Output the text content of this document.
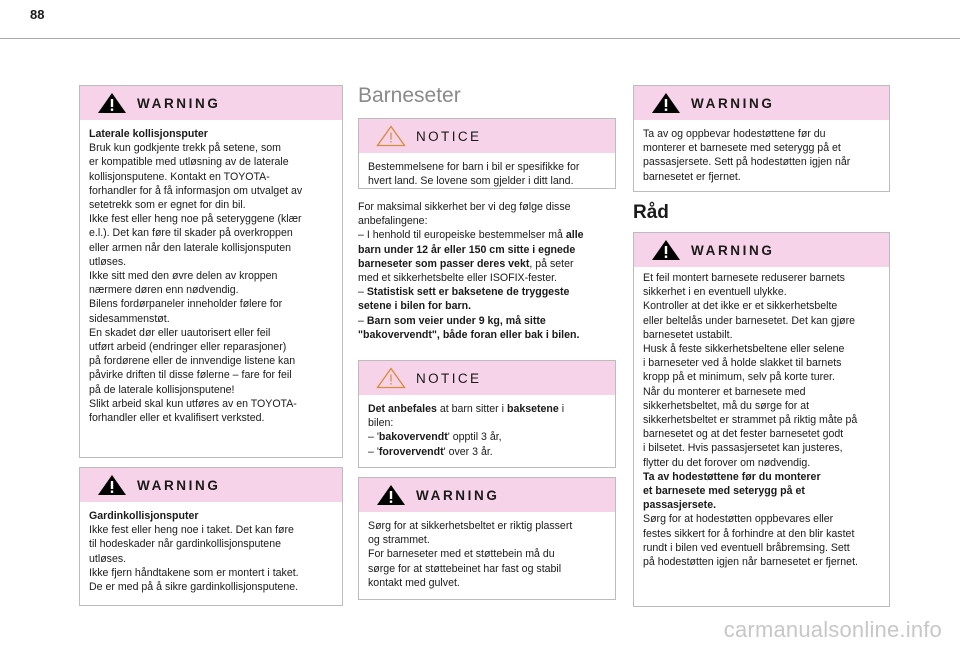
88
WARNING

Laterale kollisjonsputer

Bruk kun godkjente trekk på setene, som

er kompatible med utløsning av de laterale

kollisjonsputene. Kontakt en TOYOTA-

forhandler for å få informasjon om utvalget av

setetrekk som er egnet for din bil.

Ikke fest eller heng noe på seteryggene (klær

e.l.). Det kan føre til skader på overkroppen

eller armen når den laterale kollisjonsputen

utløses.

Ikke sitt med den øvre delen av kroppen

nærmere døren enn nødvendig.

Bilens fordørpaneler inneholder følere for

sidesammenstøt.

En skadet dør eller uautorisert eller feil

utført arbeid (endringer eller reparasjoner)

på fordørene eller de innvendige listene kan

påvirke driften til disse følerne – fare for feil

på de laterale kollisjonsputene!

Slikt arbeid skal kun utføres av en TOYOTA-

forhandler eller et kvalifisert verksted.

WARNING

Gardinkollisjonsputer

Ikke fest eller heng noe i taket. Det kan føre

til hodeskader når gardinkollisjonsputene

utløses.

Ikke fjern håndtakene som er montert i taket.

De er med på å sikre gardinkollisjonsputene.

Barneseter
NOTICE

Bestemmelsene for barn i bil er spesifikke for

hvert land. Se lovene som gjelder i ditt land.

For maksimal sikkerhet ber vi deg følge disse

anbefalingene:

– I henhold til europeiske bestemmelser må alle

barn under 12 år eller 150 cm sitte i egnede

barneseter som passer deres vekt, på seter

med et sikkerhetsbelte eller ISOFIX-fester.

– Statistisk sett er baksetene de tryggeste

setene i bilen for barn.

– Barn som veier under 9 kg, må sitte

"bakovervendt", både foran eller bak i bilen.

NOTICE

Det anbefales at barn sitter i baksetene i

bilen:

– 'bakovervendt' opptil 3 år,

– 'forovervendt' over 3 år.

WARNING

Sørg for at sikkerhetsbeltet er riktig plassert

og strammet.

For barneseter med et støttebein må du

sørge for at støttebeinet har fast og stabil

kontakt med gulvet.

WARNING

Ta av og oppbevar hodestøttene før du

monterer et barnesete med seterygg på et

passasjersete. Sett på hodestøtten igjen når

barnesetet er fjernet.

Råd
WARNING

Et feil montert barnesete reduserer barnets

sikkerhet i en eventuell ulykke.

Kontroller at det ikke er et sikkerhetsbelte

eller beltelås under barnesetet. Det kan gjøre

barnesetet ustabilt.

Husk å feste sikkerhetsbeltene eller selene

i barneseter ved å holde slakket til barnets

kropp på et minimum, selv på korte turer.

Når du monterer et barnesete med

sikkerhetsbeltet, må du sørge for at

sikkerhetsbeltet er strammet på riktig måte på

barnesetet og at det fester barnesetet godt

i bilsetet. Hvis passasjersetet kan justeres,

flytter du det forover om nødvendig.

Ta av hodestøttene før du monterer

et barnesete med seterygg på et

passasjersete.

Sørg for at hodestøtten oppbevares eller

festes sikkert for å forhindre at den blir kastet

rundt i bilen ved eventuell bråbremsing. Sett

på hodestøtten igjen når barnesetet er fjernet.

carmanualsonline.info
